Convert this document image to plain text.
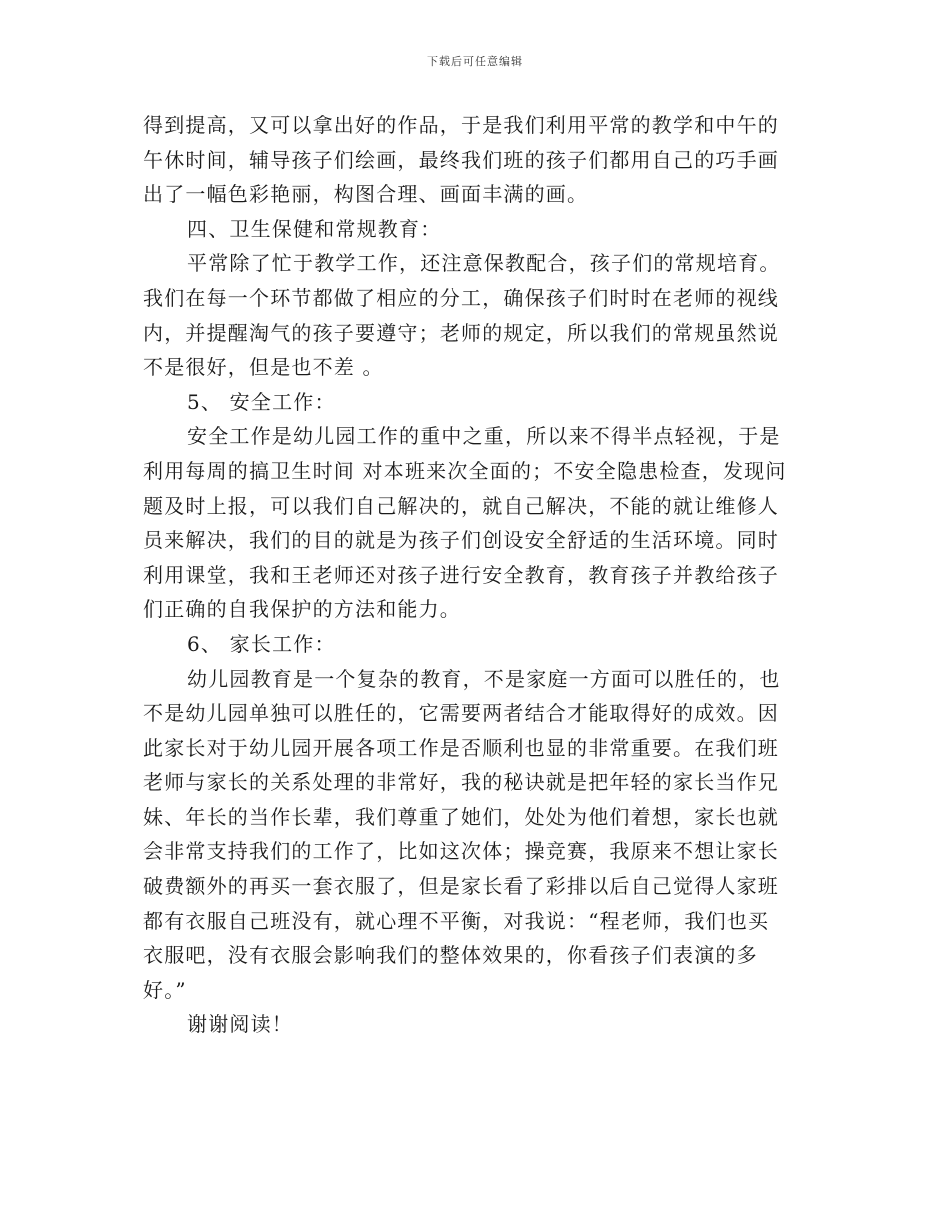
下载后可任意编辑
得到提高，又可以拿出好的作品，于是我们利用平常的教学和中午的
午休时间，辅导孩子们绘画，最终我们班的孩子们都用自己的巧手画
出了一幅色彩艳丽，构图合理、画面丰满的画。
四、卫生保健和常规教育：
平常除了忙于教学工作，还注意保教配合，孩子们的常规培育。
我们在每一个环节都做了相应的分工，确保孩子们时时在老师的视线
内，并提醒淘气的孩子要遵守；老师的规定，所以我们的常规虽然说
不是很好，但是也不差 。
5、 安全工作：
安全工作是幼儿园工作的重中之重，所以来不得半点轻视，于是
利用每周的搞卫生时间 对本班来次全面的；不安全隐患检查，发现问
题及时上报，可以我们自己解决的，就自己解决，不能的就让维修人
员来解决，我们的目的就是为孩子们创设安全舒适的生活环境。同时
利用课堂，我和王老师还对孩子进行安全教育，教育孩子并教给孩子
们正确的自我保护的方法和能力。
6、 家长工作：
幼儿园教育是一个复杂的教育，不是家庭一方面可以胜任的，也
不是幼儿园单独可以胜任的，它需要两者结合才能取得好的成效。因
此家长对于幼儿园开展各项工作是否顺利也显的非常重要。在我们班
老师与家长的关系处理的非常好，我的秘诀就是把年轻的家长当作兄
妹、年长的当作长辈，我们尊重了她们，处处为他们着想，家长也就
会非常支持我们的工作了，比如这次体；操竞赛，我原来不想让家长
破费额外的再买一套衣服了，但是家长看了彩排以后自己觉得人家班
都有衣服自己班没有，就心理不平衡，对我说：“程老师，我们也买
衣服吧，没有衣服会影响我们的整体效果的，你看孩子们表演的多
好。”
谢谢阅读！
